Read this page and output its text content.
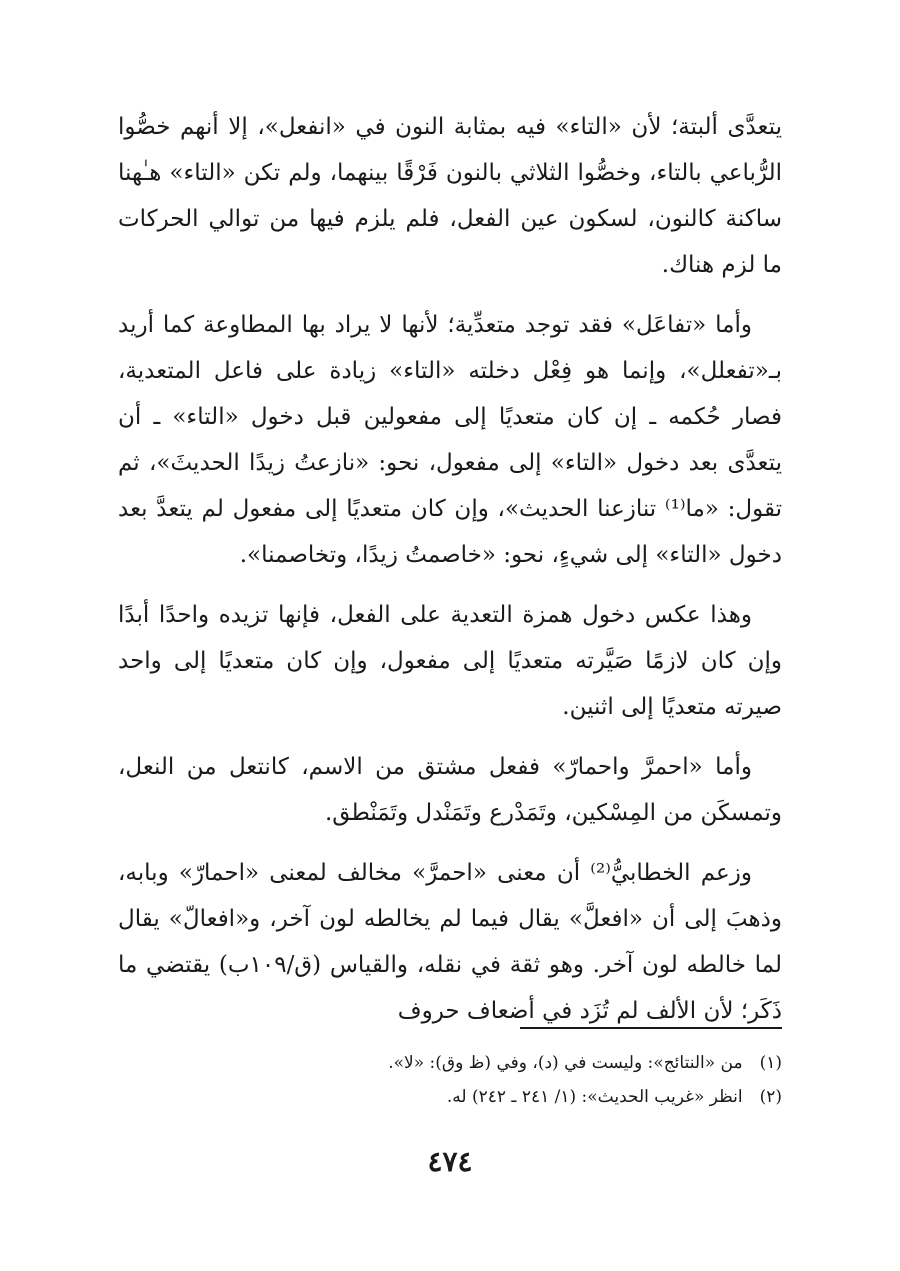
يتعدَّى ألبتة؛ لأن «التاء» فيه بمثابة النون في «انفعل»، إلا أنهم خصُّوا الرُّباعي بالتاء، وخصُّوا الثلاثي بالنون فَرْقًا بينهما، ولم تكن «التاء» هـٰهنا ساكنة كالنون، لسكون عين الفعل، فلم يلزم فيها من توالي الحركات ما لزم هناك.

وأما «تفاعَل» فقد توجد متعدِّية؛ لأنها لا يراد بها المطاوعة كما أريد بـ«تفعلل»، وإنما هو فِعْل دخلته «التاء» زيادة على فاعل المتعدية، فصار حُكمه ـ إن كان متعديًا إلى مفعولين قبل دخول «التاء» ـ أن يتعدَّى بعد دخول «التاء» إلى مفعول، نحو: «نازعتُ زيدًا الحديثَ»، ثم تقول: «ما⁽¹⁾ تنازعنا الحديث»، وإن كان متعديًا إلى مفعول لم يتعدَّ بعد دخول «التاء» إلى شيءٍ، نحو: «خاصمتُ زيدًا، وتخاصمنا».

وهذا عكس دخول همزة التعدية على الفعل، فإنها تزيده واحدًا أبدًا وإن كان لازمًا صَيَّرته متعديًا إلى مفعول، وإن كان متعديًا إلى واحد صيرته متعديًا إلى اثنين.

وأما «احمرَّ واحمارّ» ففعل مشتق من الاسم، كانتعل من النعل، وتمسكَن من المِسْكين، وتَمَدْرع وتَمَنْدل وتَمَنْطق.

وزعم الخطابيُّ⁽²⁾ أن معنى «احمرَّ» مخالف لمعنى «احمارّ» وبابه، وذهبَ إلى أن «افعلَّ» يقال فيما لم يخالطه لون آخر، و«افعالّ» يقال لما خالطه لون آخر. وهو ثقة في نقله، والقياس (ق/١٠٩ب) يقتضي ما ذَكَر؛ لأن الألف لم تُزَد في أضعاف حروف

(١) من «النتائج»: وليست في (د)، وفي (ظ وق): «لا».

(٢) انظر «غريب الحديث»: (١/ ٢٤١ ـ ٢٤٢) له.

٤٧٤
